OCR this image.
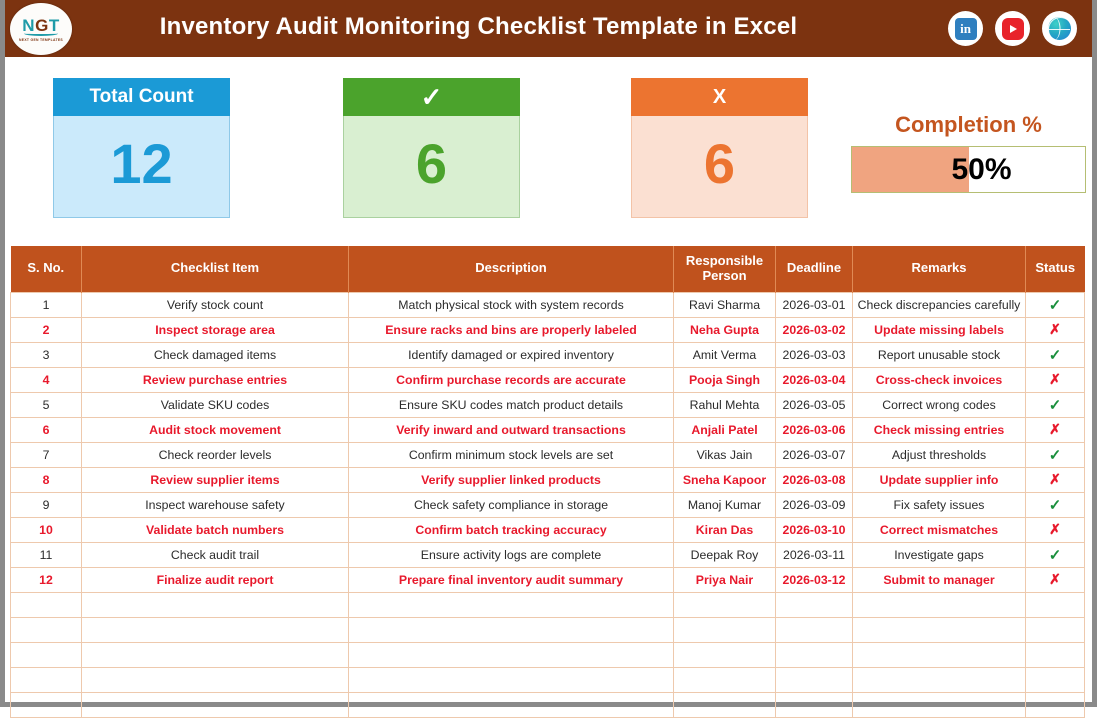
NGT
NEXT GEN TEMPLATES	Inventory Audit Monitoring Checklist Template in Excel	in
Total Count
12
✓
6
X
6
Completion %
50%
S. No.	Checklist Item	Description	Responsible Person	Deadline	Remarks	Status
1	Verify stock count	Match physical stock with system records	Ravi Sharma	2026-03-01	Check discrepancies carefully	✓
2	Inspect storage area	Ensure racks and bins are properly labeled	Neha Gupta	2026-03-02	Update missing labels	✗
3	Check damaged items	Identify damaged or expired inventory	Amit Verma	2026-03-03	Report unusable stock	✓
4	Review purchase entries	Confirm purchase records are accurate	Pooja Singh	2026-03-04	Cross-check invoices	✗
5	Validate SKU codes	Ensure SKU codes match product details	Rahul Mehta	2026-03-05	Correct wrong codes	✓
6	Audit stock movement	Verify inward and outward transactions	Anjali Patel	2026-03-06	Check missing entries	✗
7	Check reorder levels	Confirm minimum stock levels are set	Vikas Jain	2026-03-07	Adjust thresholds	✓
8	Review supplier items	Verify supplier linked products	Sneha Kapoor	2026-03-08	Update supplier info	✗
9	Inspect warehouse safety	Check safety compliance in storage	Manoj Kumar	2026-03-09	Fix safety issues	✓
10	Validate batch numbers	Confirm batch tracking accuracy	Kiran Das	2026-03-10	Correct mismatches	✗
11	Check audit trail	Ensure activity logs are complete	Deepak Roy	2026-03-11	Investigate gaps	✓
12	Finalize audit report	Prepare final inventory audit summary	Priya Nair	2026-03-12	Submit to manager	✗
